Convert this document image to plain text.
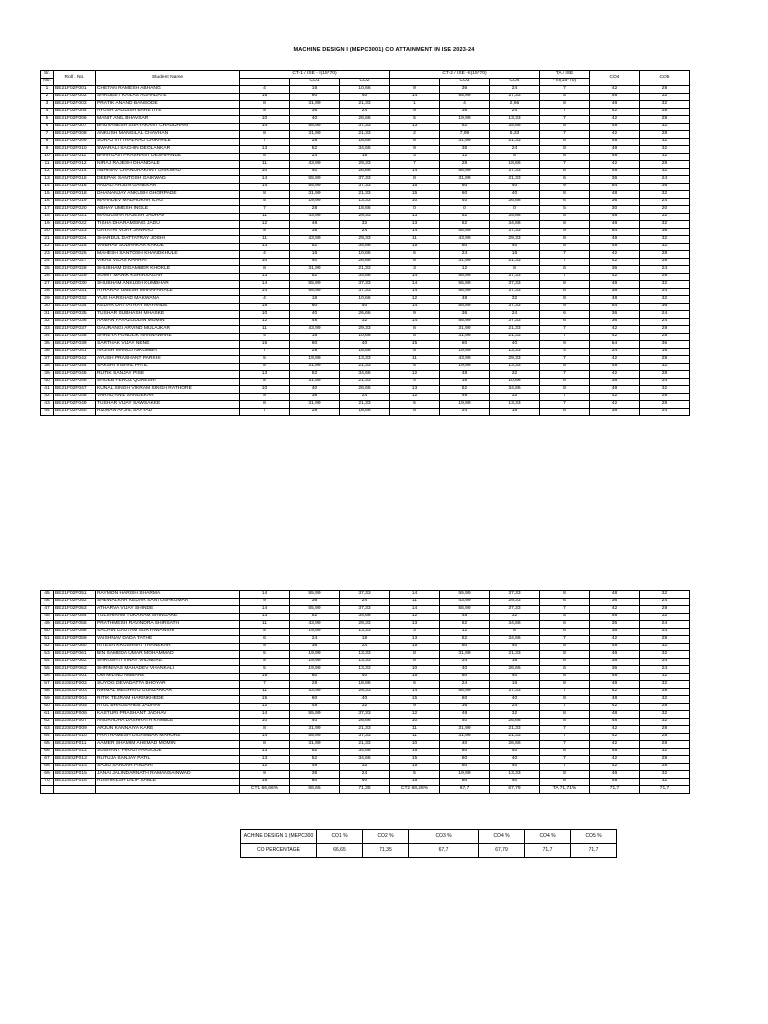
MACHINE DESIGN I (MEPC3001) CO ATTAINMENT IN ISE 2023-24
Sr.	Roll . No.	Student Name	CT-1 / ISE - I(15*70)			CT-2 / ISE -II(15*70)			TA / ISE	CO4	CO5
No.				CO1	CO2		CO3	CO4	- III(15*70)		
1	BE21F02F001	CHETAN RAMESH ABHANG	4	16	10,66	9	36	24	7	42	28
2	BE21F02F002	SHRIJEET KAILAS AGHADATE	15	60	40	14	55,99	37,33	8	48	32
3	BE21F02F003	PRATIK ANAND BANSODE	8	31,99	21,33	1	4	2,66	8	48	32
4	BE21F02F004	AYUSH JAGDISH BARETIYE	9	36	24	9	36	24	7	42	28
5	BE21F02F006	MANIT ANIL BHAVSAR	10	40	26,66	5	19,99	13,33	7	42	28
6	BE21F02F007	BHUVANESH SURYAKANT CHAUDHARI	14	55,99	37,33	13	52	34,66	8	48	32
7	BE21F02F008	ANKUSH MANGILAL CHAVHAN	8	31,99	21,33	2	7,99	5,33	7	42	28
8	BE21F02F009	SURAJ VITTHALRAO CHIKHALE	7	28	18,66	8	31,99	21,33	8	48	32
9	BE21F02F010	SWARALI SACHIN DEOLANKAR	13	52	34,66	9	36	24	8	48	32
10	BE21F02F011	BHARGAVI PRASHANT DESHPANDE	6	24	16	3	12	8	8	48	32
11	BE21F02F012	NIRAJ RAJESH DHANDALE	11	43,99	29,33	7	28	18,66	7	42	28
12	BE21F02F014	ABHINAV CHANDRAKANT GAIKWAD	10	40	26,66	14	55,99	37,33	8	48	32
13	BE21F02F015	DEEPAK SANTOSH GAIKWAD	14	55,99	37,33	8	31,99	21,33	6	36	24
14	BE21F02F016	ANJALI ARJUN GANEKAR	14	55,99	37,33	15	60	40	9	54	36
15	BE21F02F018	DHANANJAY ANKUSH GHORPADE	8	31,99	21,33	15	60	40	8	48	32
16	BE21F02F019	MAHADEV MADHUKAR ILAG	5	19,99	13,33	10	40	26,66	6	36	24
17	BE21F02F020	ABHAY UMESH INGLE	7	28	18,66	0	0	0	5	30	20
18	BE21F02F021	MANJUSHA RAJESH JADHAV	11	43,99	29,33	13	52	34,66	8	48	32
19	BE21F02F022	TISHA DHARAMSING JADU	12	48	32	13	52	34,66	8	48	32
20	BE21F02F023	GAYATRI VIJAY JANRAO	9	36	24	14	55,99	37,33	9	54	36
21	BE21F02F024	SHARDUL DATTATRAY JOSHI	11	43,99	29,33	11	43,99	29,33	8	48	32
22	BE21F02F025	VAIBHAV SUDHAKAR KAKDE	13	52	34,66	15	60	40	8	48	32
23	BE21F02F026	MAHESH SANTOSH KHANDKHULE	4	16	10,66	6	24	16	7	42	28
24	BE21F02F027	VIKAS VILAS KHARAT	10	40	26,66	8	31,99	21,33	7	42	28
25	BE21F02F028	SHUBHAM DIGAMBER KHOKLE	8	31,99	21,33	3	12	8	6	36	24
26	BE21F02F029	SUMIT MANIK KSHIRSAGAR	13	52	34,66	14	55,99	37,33	7	42	28
27	BE21F02F030	SHUBHAM ANKUSH KUMBHAR	14	55,99	37,33	14	55,99	37,33	8	48	32
28	BE21F02F031	ATHARAV UMESH MAHAPARALE	14	55,99	37,33	14	55,99	37,33	6	36	24
29	BE21F02F032	YUG HARSHAD MAKWANA	4	16	10,66	12	48	32	8	48	32
30	BE21F02F034	KEDAR DATTATRAY MAYANDE	15	60	40	14	55,99	37,33	9	54	36
31	BE21F02F035	TUSHAR SUBHASH MHASKE	10	40	26,66	9	36	24	6	36	24
32	BE21F02F036	AAMAN FAYAZODDIN MOMIN	12	48	32	14	55,99	37,33	6	36	24
33	BE21F02F037	GAURANGI ARVIND MULAJKAR	11	43,99	29,33	8	31,99	21,33	7	42	28
34	BE21F02F038	SHREYA PUNDLIK NANNAWARE	4	16	10,66	8	31,99	21,33	7	42	28
35	BE21F02F039	SARTHAK VIJAY NENE	15	60	40	15	60	40	9	54	36
36	BE21F02F041	ARJISH MANOJ NIKUMBH	7	28	18,66	5	19,99	13,33	4	24	16
37	BE21F02F042	AYUSH PRASHANT PARKHI	5	19,99	13,33	11	43,99	29,33	7	42	28
38	BE21F02F044	SAKSHI VISHAL PATIL	8	31,99	21,33	5	19,99	13,33	8	48	32
39	BE21F02F045	RUTIK SANJAY PISE	13	52	34,66	12	48	32	7	42	28
40	BE21F02F046	SHOEB FEROZ QURESHI	8	31,99	21,33	4	16	10,66	6	36	24
41	BE21F02F047	KUNAL SINGH VIKRAM SINGH RATHORE	10	40	26,66	13	52	34,66	8	48	32
42	BE21F02F048	VARAD ANIL SANGEKAR	9	36	24	12	48	32	7	42	28
43	BE21F02F049	TUSHAR VIJAY SAWSAKKE	8	31,99	21,33	5	19,99	13,33	7	42	28
44	BE21F02F050	RIZWAN AFJAL SAYYAD	7	28	18,66	6	24	16	6	36	24
45	BE21F02F051	RAYMON HARISH SHARMA	14	55,99	37,33	14	55,99	37,33	8	48	32
46	BE21F02F052	SHEWALKAR KEDAR SANTOSHKUMAR	9	36	24	11	43,99	29,33	6	36	24
47	BE21F02F053	ATHARVA VIJAY SHINDE	14	55,99	37,33	14	55,99	37,33	7	42	28
48	BE21F02F054	TULSHIRAM TUKARAM SHINGARE	13	52	34,66	12	48	32	8	48	32
49	BE21F02F055	PRATHMESH RAVINDRA SHIRSATH	11	43,99	29,33	13	52	34,66	6	36	24
50	BE21F02F058	SACHIN GAUTAM SURYAWANSHI	5	19,99	13,33	3	12	8	6	36	24
51	BE21F02F059	VAISHNAV DADA TATHE	6	24	16	13	52	34,66	7	42	28
52	BE21F02F060	RITESH KRUSHNAT THANEKAR	9	36	24	15	60	40	8	48	32
53	BE21F02F061	BIN SAMEDA UMAR MOHAMMAD	5	19,99	13,33	8	31,99	21,33	8	48	32
54	BE21F02F062	SHRUSHTI VINAY VADNERE	5	19,99	13,33	6	24	16	6	36	24
55	BE21F02F063	SHRINIVAS MAHADEV VHANKALI	5	19,99	13,33	10	40	26,66	6	36	24
56	BE22S02F001	OM MILIND AMBARE	15	60	40	15	60	40	8	48	32
57	BE22S02F002	SUYOG DEVADATTA BHOYAR	7	28	18,66	6	24	16	8	48	32
58	BE22S02F003	NIRMAL MEGHRAJ GUNJARKAR	11	43,99	29,33	14	55,99	37,33	7	42	28
59	BE22S02F004	RITIK TEJRAM HARINKHEDE	15	60	40	15	60	40	8	48	32
60	BE22S02F005	ATUL BHAUSAHEB JADHAV	12	48	32	9	36	24	7	42	28
61	BE22S02F006	KASTURI PRASHANT JADHAV	14	55,99	37,33	12	48	32	8	48	32
62	BE22S02F007	ANURADHA DASHRATH KAMBLE	10	40	26,66	10	40	26,66	8	48	32
63	BE22S02F009	ARJUN KANNAIYA KARE	8	31,99	21,33	11	31,99	21,33	7	42	28
64	BE22S02F010	PRATHAMESH DIGAMBAR MAHURE	14	55,99	37,33	11	31,99	21,33	7	42	28
65	BE22S02F011	AAMER SHAMIM AHEMAD MOMIN	8	31,99	21,33	10	40	26,66	7	42	28
66	BE22S02F012	SUSHANT PIRAJI PARSODE	13	52	34,66	15	60	40	8	48	32
67	BE22S02F013	RUTUJA SANJAY PATIL	13	52	34,66	15	60	40	7	42	28
68	BE22S02F014	SAJID SARDAR PINJARI	12	48	32	15	60	40	7	42	28
69	BE22S02F015	JANAI JALINDARNATH RAMANSAINWAD	9	36	24	5	19,99	13,33	8	48	32
70	BE22S02F016	RUSHIKESH DILIP SABLE	15	60	40	15	60	40	8	48	32
			CT1 66,66%	66,65	71,35	CT2 68,28%	67,7	67,79	TA 71,71%	71,7	71,7
ACHINE DESIGN 1 (MEPC300	CO1 %	CO2 %	CO3 %	CO4 %	CO4 %	CO5 %
CO PERCENTAGE	66,65	71,35	67,7	67,79	71,7	71,7
